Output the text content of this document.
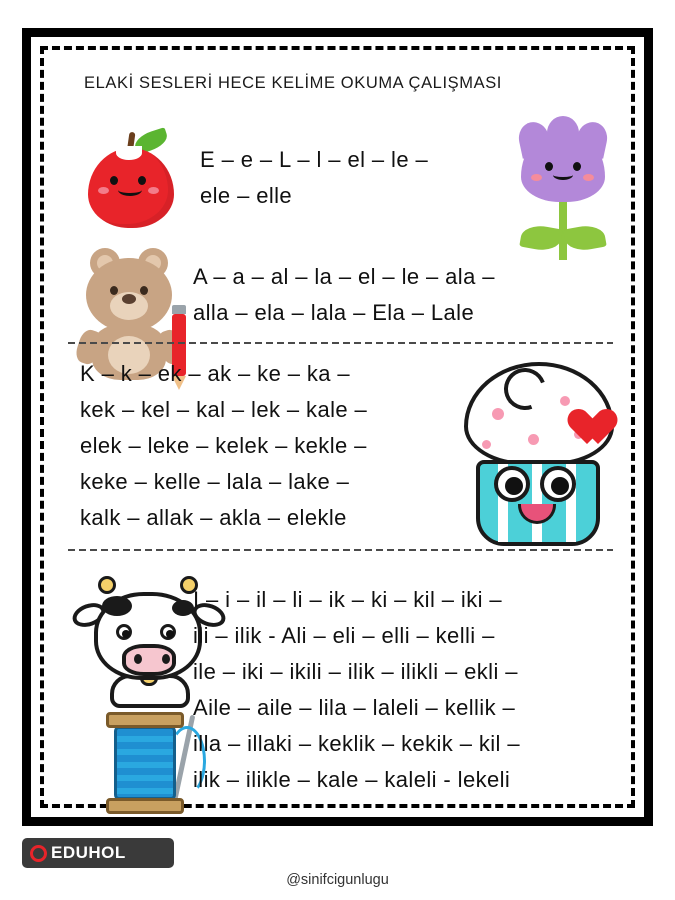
ELAKİ SESLERİ HECE KELİME OKUMA ÇALIŞMASI
E – e – L – l – el – le –
ele – elle
A – a – al – la – el – le – ala –
alla – ela – lala – Ela – Lale
K – k – ek – ak – ke – ka –
kek – kel – kal – lek – kale –
elek – leke – kelek – kekle –
keke – kelle – lala – lake –
kalk – allak – akla – elekle
İ – i – il – li – ik – ki – kil – iki –
ili – ilik - Ali – eli – elli – kelli –
ile – iki – ikili – ilik – ilikli – ekli –
Aile – aile – lila – laleli – kellik –
illa – illaki – keklik – kekik – kil –
ilik – ilikle – kale – kaleli - lekeli
EDUHOL
@sinifcigunlugu
